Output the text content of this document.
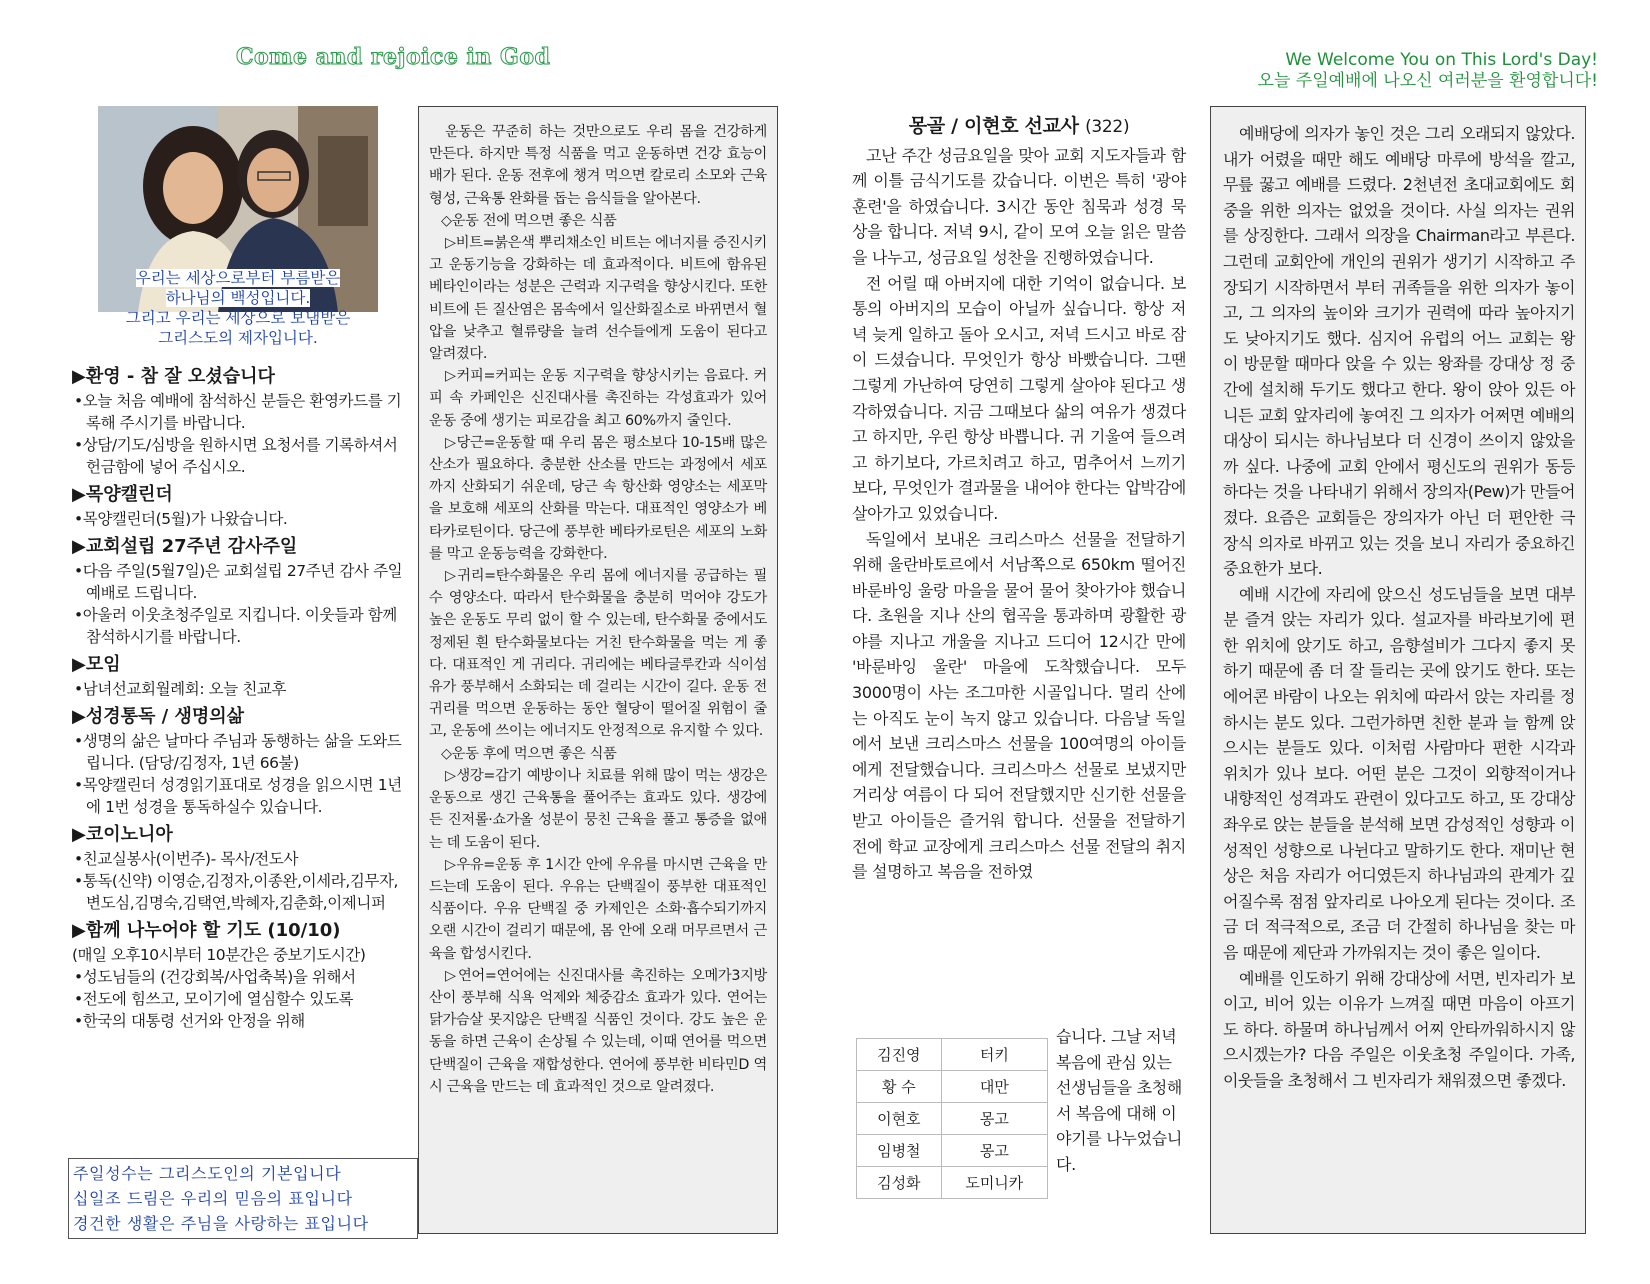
Come and rejoice in God	We Welcome You on This Lord's Day!
오늘 주일예배에 나오신 여러분을 환영합니다!
우리는 세상으로부터 부름받은
하나님의 백성입니다.
그리고 우리는 세상으로 보냄받은
그리스도의 제자입니다.
▶환영 - 참 잘 오셨습니다
•오늘 처음 예배에 참석하신 분들은 환영카드를 기록해 주시기를 바랍니다.
•상담/기도/심방을 원하시면 요청서를 기록하셔서 헌금함에 넣어 주십시오.
▶목양캘린더
•목양캘린더(5월)가 나왔습니다.
▶교회설립 27주년 감사주일
•다음 주일(5월7일)은 교회설립 27주년 감사 주일예배로 드립니다.
•아울러 이웃초청주일로 지킵니다. 이웃들과 함께 참석하시기를 바랍니다.
▶모임
•남녀선교회월례회: 오늘 친교후
▶성경통독 / 생명의삶
•생명의 삶은 날마다 주님과 동행하는 삶을 도와드립니다. (담당/김정자, 1년 66불)
•목양캘린더 성경읽기표대로 성경을 읽으시면 1년에 1번 성경을 통독하실수 있습니다.
▶코이노니아
•친교실봉사(이번주)- 목사/전도사
•통독(신약) 이영순,김정자,이종완,이세라,김무자,변도심,김명숙,김택연,박혜자,김춘화,이제니퍼
▶함께 나누어야 할 기도 (10/10)
(매일 오후10시부터 10분간은 중보기도시간)
•성도님들의 (건강회복/사업축복)을 위해서
•전도에 힘쓰고, 모이기에 열심할수 있도록
•한국의 대통령 선거와 안정을 위해
주일성수는 그리스도인의 기본입니다
십일조 드림은 우리의 믿음의 표입니다
경건한 생활은 주님을 사랑하는 표입니다

운동은 꾸준히 하는 것만으로도 우리 몸을 건강하게 만든다. 하지만 특정 식품을 먹고 운동하면 건강 효능이 배가 된다. 운동 전후에 챙겨 먹으면 칼로리 소모와 근육 형성, 근육통 완화를 돕는 음식들을 알아본다.

◇운동 전에 먹으면 좋은 식품

▷비트=붉은색 뿌리채소인 비트는 에너지를 증진시키고 운동기능을 강화하는 데 효과적이다. 비트에 함유된 베타인이라는 성분은 근력과 지구력을 향상시킨다. 또한 비트에 든 질산염은 몸속에서 일산화질소로 바뀌면서 혈압을 낮추고 혈류량을 늘려 선수들에게 도움이 된다고 알려졌다.

▷커피=커피는 운동 지구력을 향상시키는 음료다. 커피 속 카페인은 신진대사를 촉진하는 각성효과가 있어 운동 중에 생기는 피로감을 최고 60%까지 줄인다.

▷당근=운동할 때 우리 몸은 평소보다 10-15배 많은 산소가 필요하다. 충분한 산소를 만드는 과정에서 세포까지 산화되기 쉬운데, 당근 속 항산화 영양소는 세포막을 보호해 세포의 산화를 막는다. 대표적인 영양소가 베타카로틴이다. 당근에 풍부한 베타카로틴은 세포의 노화를 막고 운동능력을 강화한다.

▷귀리=탄수화물은 우리 몸에 에너지를 공급하는 필수 영양소다. 따라서 탄수화물을 충분히 먹어야 강도가 높은 운동도 무리 없이 할 수 있는데, 탄수화물 중에서도 정제된 흰 탄수화물보다는 거친 탄수화물을 먹는 게 좋다. 대표적인 게 귀리다. 귀리에는 베타글루칸과 식이섬유가 풍부해서 소화되는 데 걸리는 시간이 길다. 운동 전 귀리를 먹으면 운동하는 동안 혈당이 떨어질 위험이 줄고, 운동에 쓰이는 에너지도 안정적으로 유지할 수 있다.

◇운동 후에 먹으면 좋은 식품

▷생강=감기 예방이나 치료를 위해 많이 먹는 생강은 운동으로 생긴 근육통을 풀어주는 효과도 있다. 생강에 든 진저롤·쇼가올 성분이 뭉친 근육을 풀고 통증을 없애는 데 도움이 된다.

▷우유=운동 후 1시간 안에 우유를 마시면 근육을 만드는데 도움이 된다. 우유는 단백질이 풍부한 대표적인 식품이다. 우유 단백질 중 카제인은 소화·흡수되기까지 오랜 시간이 걸리기 때문에, 몸 안에 오래 머무르면서 근육을 합성시킨다.

▷연어=연어에는 신진대사를 촉진하는 오메가3지방산이 풍부해 식욕 억제와 체중감소 효과가 있다. 연어는 닭가슴살 못지않은 단백질 식품인 것이다. 강도 높은 운동을 하면 근육이 손상될 수 있는데, 이때 연어를 먹으면 단백질이 근육을 재합성한다. 연어에 풍부한 비타민D 역시 근육을 만드는 데 효과적인 것으로 알려졌다.

몽골 / 이현호 선교사 (322)

고난 주간 성금요일을 맞아 교회 지도자들과 함께 이틀 금식기도를 갔습니다. 이번은 특히 '광야훈련'을 하였습니다. 3시간 동안 침묵과 성경 묵상을 합니다. 저녁 9시, 같이 모여 오늘 읽은 말씀을 나누고, 성금요일 성찬을 진행하였습니다.

전 어릴 때 아버지에 대한 기억이 없습니다. 보통의 아버지의 모습이 아닐까 싶습니다. 항상 저녁 늦게 일하고 돌아 오시고, 저녁 드시고 바로 잠이 드셨습니다. 무엇인가 항상 바빴습니다. 그땐 그렇게 가난하여 당연히 그렇게 살아야 된다고 생각하였습니다. 지금 그때보다 삶의 여유가 생겼다고 하지만, 우린 항상 바쁩니다. 귀 기울여 들으려고 하기보다, 가르치려고 하고, 멈추어서 느끼기 보다, 무엇인가 결과물을 내어야 한다는 압박감에 살아가고 있었습니다.

독일에서 보내온 크리스마스 선물을 전달하기 위해 울란바토르에서 서남쪽으로 650km 떨어진 바룬바잉 울랑 마을을 물어 물어 찾아가야 했습니다. 초원을 지나 산의 협곡을 통과하며 광활한 광야를 지나고 개울을 지나고 드디어 12시간 만에 '바룬바잉 울란' 마을에 도착했습니다. 모두 3000명이 사는 조그마한 시골입니다. 멀리 산에는 아직도 눈이 녹지 않고 있습니다. 다음날 독일에서 보낸 크리스마스 선물을 100여명의 아이들에게 전달했습니다. 크리스마스 선물로 보냈지만 거리상 여름이 다 되어 전달했지만 신기한 선물을 받고 아이들은 즐거워 합니다. 선물을 전달하기 전에 학교 교장에게 크리스마스 선물 전달의 취지를 설명하고 복음을 전하였

김진영	터키
황 수	대만
이현호	몽고
임병철	몽고
김성화	도미니카
습니다. 그날 저녁 복음에 관심 있는 선생님들을 초청해서 복음에 대해 이야기를 나누었습니다.

예배당에 의자가 놓인 것은 그리 오래되지 않았다. 내가 어렸을 때만 해도 예배당 마루에 방석을 깔고, 무릎 꿇고 예배를 드렸다. 2천년전 초대교회에도 회중을 위한 의자는 없었을 것이다. 사실 의자는 권위를 상징한다. 그래서 의장을 Chairman라고 부른다. 그런데 교회안에 개인의 권위가 생기기 시작하고 주장되기 시작하면서 부터 귀족들을 위한 의자가 놓이고, 그 의자의 높이와 크기가 권력에 따라 높아지기도 낮아지기도 했다. 심지어 유럽의 어느 교회는 왕이 방문할 때마다 앉을 수 있는 왕좌를 강대상 정 중간에 설치해 두기도 했다고 한다. 왕이 앉아 있든 아니든 교회 앞자리에 놓여진 그 의자가 어쩌면 예배의 대상이 되시는 하나님보다 더 신경이 쓰이지 않았을까 싶다. 나중에 교회 안에서 평신도의 권위가 동등하다는 것을 나타내기 위해서 장의자(Pew)가 만들어졌다. 요즘은 교회들은 장의자가 아닌 더 편안한 극장식 의자로 바뀌고 있는 것을 보니 자리가 중요하긴 중요한가 보다.

예배 시간에 자리에 앉으신 성도님들을 보면 대부분 즐겨 앉는 자리가 있다. 설교자를 바라보기에 편한 위치에 앉기도 하고, 음향설비가 그다지 좋지 못하기 때문에 좀 더 잘 들리는 곳에 앉기도 한다. 또는 에어콘 바람이 나오는 위치에 따라서 앉는 자리를 정하시는 분도 있다. 그런가하면 친한 분과 늘 함께 앉으시는 분들도 있다. 이처럼 사람마다 편한 시각과 위치가 있나 보다. 어떤 분은 그것이 외향적이거나 내향적인 성격과도 관련이 있다고도 하고, 또 강대상 좌우로 앉는 분들을 분석해 보면 감성적인 성향과 이성적인 성향으로 나뉜다고 말하기도 한다. 재미난 현상은 처음 자리가 어디였든지 하나님과의 관계가 깊어질수록 점점 앞자리로 나아오게 된다는 것이다. 조금 더 적극적으로, 조금 더 간절히 하나님을 찾는 마음 때문에 제단과 가까워지는 것이 좋은 일이다.

예배를 인도하기 위해 강대상에 서면, 빈자리가 보이고, 비어 있는 이유가 느껴질 때면 마음이 아프기도 하다. 하물며 하나님께서 어찌 안타까워하시지 않으시겠는가? 다음 주일은 이웃초청 주일이다. 가족, 이웃들을 초청해서 그 빈자리가 채워졌으면 좋겠다.
